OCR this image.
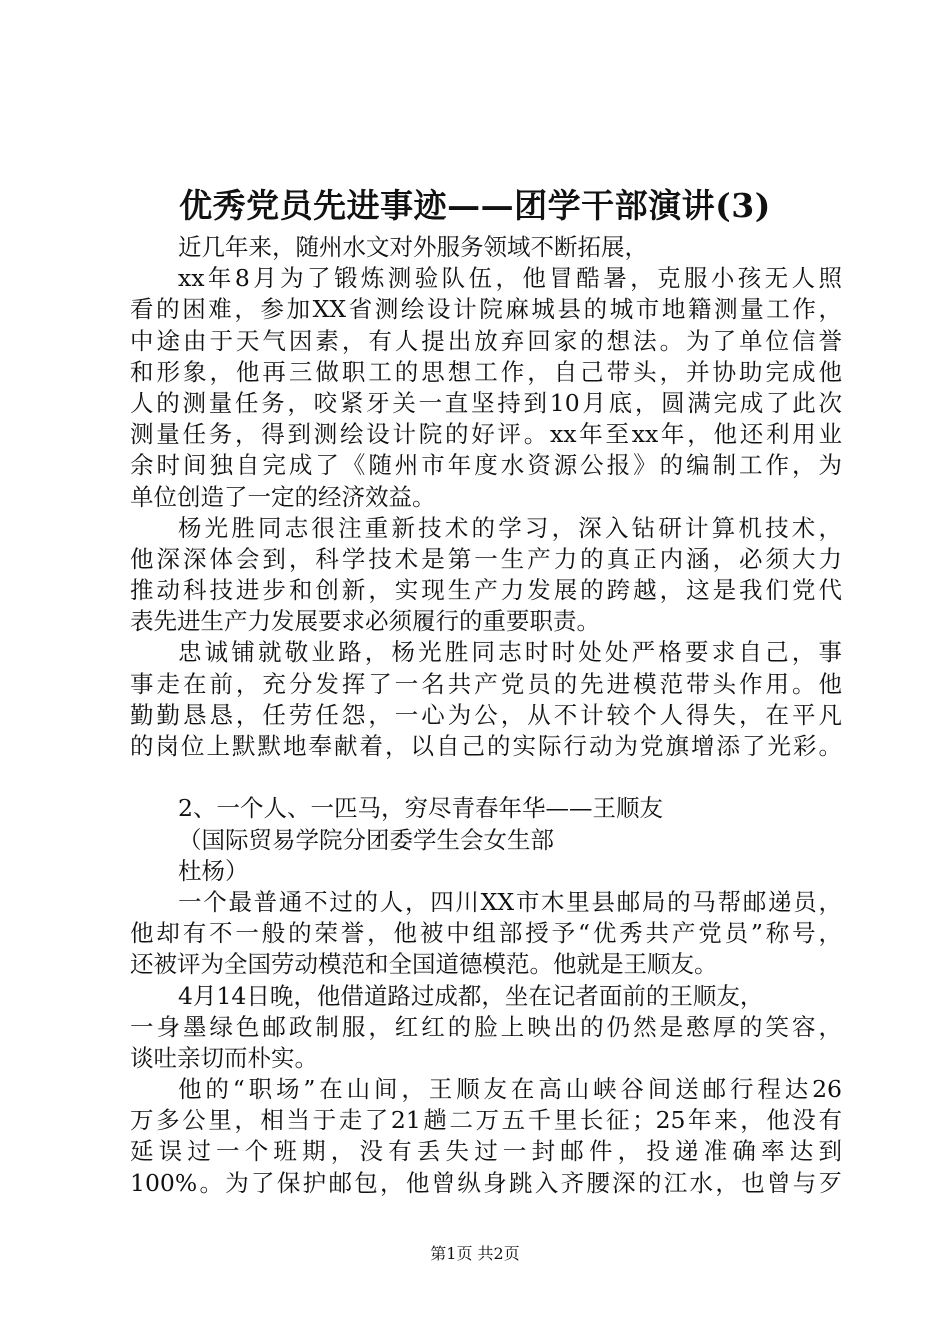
优秀党员先进事迹——团学干部演讲(3)
近几年来，随州水文对外服务领域不断拓展，
xx年8月为了锻炼测验队伍，他冒酷暑，克服小孩无人照
看的困难，参加XX省测绘设计院麻城县的城市地籍测量工作，
中途由于天气因素，有人提出放弃回家的想法。为了单位信誉
和形象，他再三做职工的思想工作，自己带头，并协助完成他
人的测量任务，咬紧牙关一直坚持到10月底，圆满完成了此次
测量任务，得到测绘设计院的好评。xx年至xx年，他还利用业
余时间独自完成了《随州市年度水资源公报》的编制工作，为
单位创造了一定的经济效益。
杨光胜同志很注重新技术的学习，深入钻研计算机技术，
他深深体会到，科学技术是第一生产力的真正内涵，必须大力
推动科技进步和创新，实现生产力发展的跨越，这是我们党代
表先进生产力发展要求必须履行的重要职责。
忠诚铺就敬业路，杨光胜同志时时处处严格要求自己，事
事走在前，充分发挥了一名共产党员的先进模范带头作用。他
勤勤恳恳，任劳任怨，一心为公，从不计较个人得失，在平凡
的岗位上默默地奉献着，以自己的实际行动为党旗增添了光彩。
2、一个人、一匹马，穷尽青春年华——王顺友
（国际贸易学院分团委学生会女生部
杜杨）
一个最普通不过的人，四川XX市木里县邮局的马帮邮递员，
他却有不一般的荣誉，他被中组部授予“优秀共产党员”称号，
还被评为全国劳动模范和全国道德模范。他就是王顺友。
4月14日晚，他借道路过成都，坐在记者面前的王顺友，
一身墨绿色邮政制服，红红的脸上映出的仍然是憨厚的笑容，
谈吐亲切而朴实。
他的“职场”在山间，王顺友在高山峡谷间送邮行程达26
万多公里，相当于走了21趟二万五千里长征；25年来，他没有
延误过一个班期，没有丢失过一封邮件，投递准确率达到
100%。为了保护邮包，他曾纵身跳入齐腰深的江水，也曾与歹
第1页 共2页
